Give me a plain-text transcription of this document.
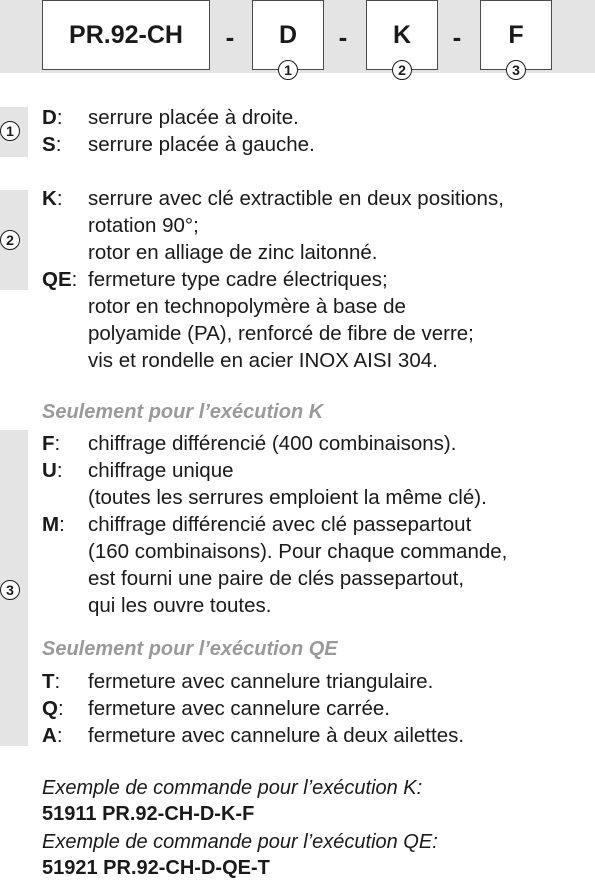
PR.92-CH - D - K - F
1	2	3
1
D: serrure placée à droite.
S: serrure placée à gauche.
2
K: serrure avec clé extractible en deux positions,
rotation 90°;
rotor en alliage de zinc laitonné.
QE: fermeture type cadre électriques;
rotor en technopolymère à base de
polyamide (PA), renforcé de fibre de verre;
vis et rondelle en acier INOX AISI 304.
3
Seulement pour l’exécution K
F: chiffrage différencié (400 combinaisons).
U: chiffrage unique
(toutes les serrures emploient la même clé).
M: chiffrage différencié avec clé passepartout
(160 combinaisons). Pour chaque commande,
est fourni une paire de clés passepartout,
qui les ouvre toutes.
Seulement pour l’exécution QE
T: fermeture avec cannelure triangulaire.
Q: fermeture avec cannelure carrée.
A: fermeture avec cannelure à deux ailettes.
Exemple de commande pour l’exécution K:
51911 PR.92-CH-D-K-F
Exemple de commande pour l’exécution QE:
51921 PR.92-CH-D-QE-T
